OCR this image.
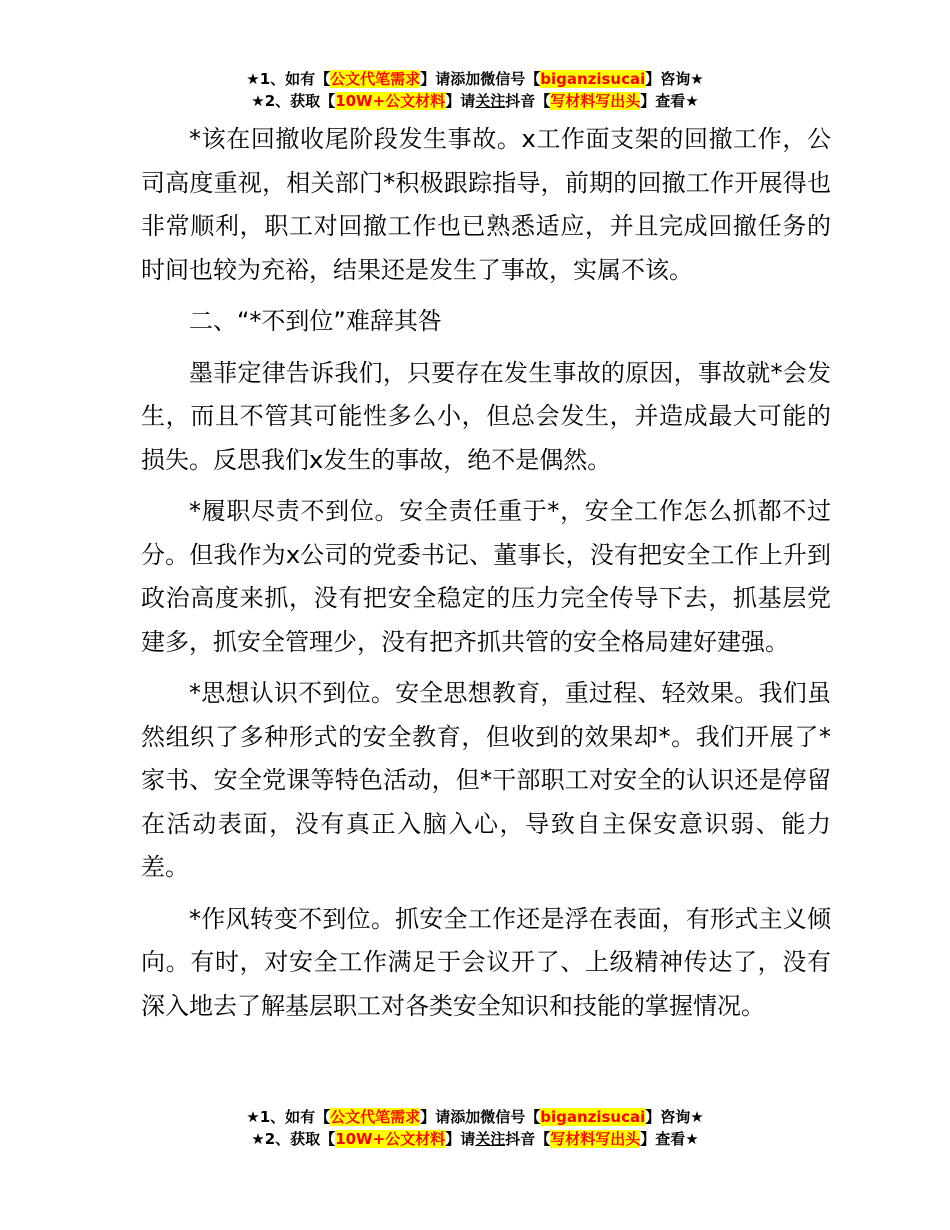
★1、如有【公文代笔需求】请添加微信号【biganzisucai】咨询★
★2、获取【10W+公文材料】请关注抖音【写材料写出头】查看★

*该在回撤收尾阶段发生事故。x工作面支架的回撤工作，公司高度重视，相关部门*积极跟踪指导，前期的回撤工作开展得也非常顺利，职工对回撤工作也已熟悉适应，并且完成回撤任务的时间也较为充裕，结果还是发生了事故，实属不该。

二、“*不到位”难辞其咎

墨菲定律告诉我们，只要存在发生事故的原因，事故就*会发生，而且不管其可能性多么小，但总会发生，并造成最大可能的损失。反思我们x发生的事故，绝不是偶然。

*履职尽责不到位。安全责任重于*，安全工作怎么抓都不过分。但我作为x公司的党委书记、董事长，没有把安全工作上升到政治高度来抓，没有把安全稳定的压力完全传导下去，抓基层党建多，抓安全管理少，没有把齐抓共管的安全格局建好建强。

*思想认识不到位。安全思想教育，重过程、轻效果。我们虽然组织了多种形式的安全教育，但收到的效果却*。我们开展了*家书、安全党课等特色活动，但*干部职工对安全的认识还是停留在活动表面，没有真正入脑入心，导致自主保安意识弱、能力差。

*作风转变不到位。抓安全工作还是浮在表面，有形式主义倾向。有时，对安全工作满足于会议开了、上级精神传达了，没有深入地去了解基层职工对各类安全知识和技能的掌握情况。

★1、如有【公文代笔需求】请添加微信号【biganzisucai】咨询★
★2、获取【10W+公文材料】请关注抖音【写材料写出头】查看★
